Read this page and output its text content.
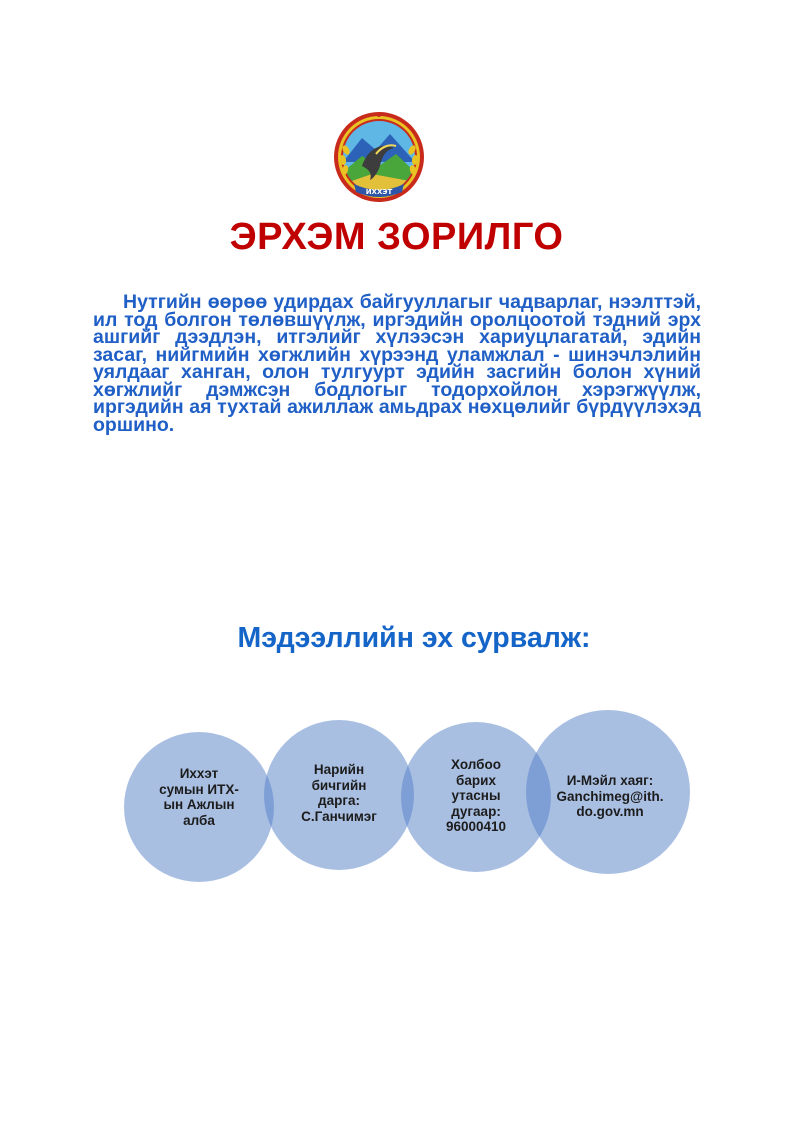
ИХХЭТ
ЭРХЭМ ЗОРИЛГО

Нутгийн өөрөө удирдах байгууллагыг чадварлаг, нээлттэй, ил тод болгон төлөвшүүлж, иргэдийн оролцоотой тэдний эрх ашгийг дээдлэн, итгэлийг хүлээсэн хариуцлагатай, эдийн засаг, нийгмийн хөгжлийн хүрээнд уламжлал - шинэчлэлийн уялдааг ханган, олон тулгуурт эдийн засгийн болон хүний хөгжлийг дэмжсэн бодлогыг тодорхойлон хэрэгжүүлж, иргэдийн ая тухтай ажиллаж амьдрах нөхцөлийг бүрдүүлэхэд оршино.

Мэдээллийн эх сурвалж:
Ихxэт
сумын ИТХ-
ын Ажлын
алба
Нарийн
бичгийн
дарга:
С.Ганчимэг
Холбоо
барих
утасны
дугаар:
96000410
И-Мэйл хаяг:
Ganchimeg@ith.
do.gov.mn
